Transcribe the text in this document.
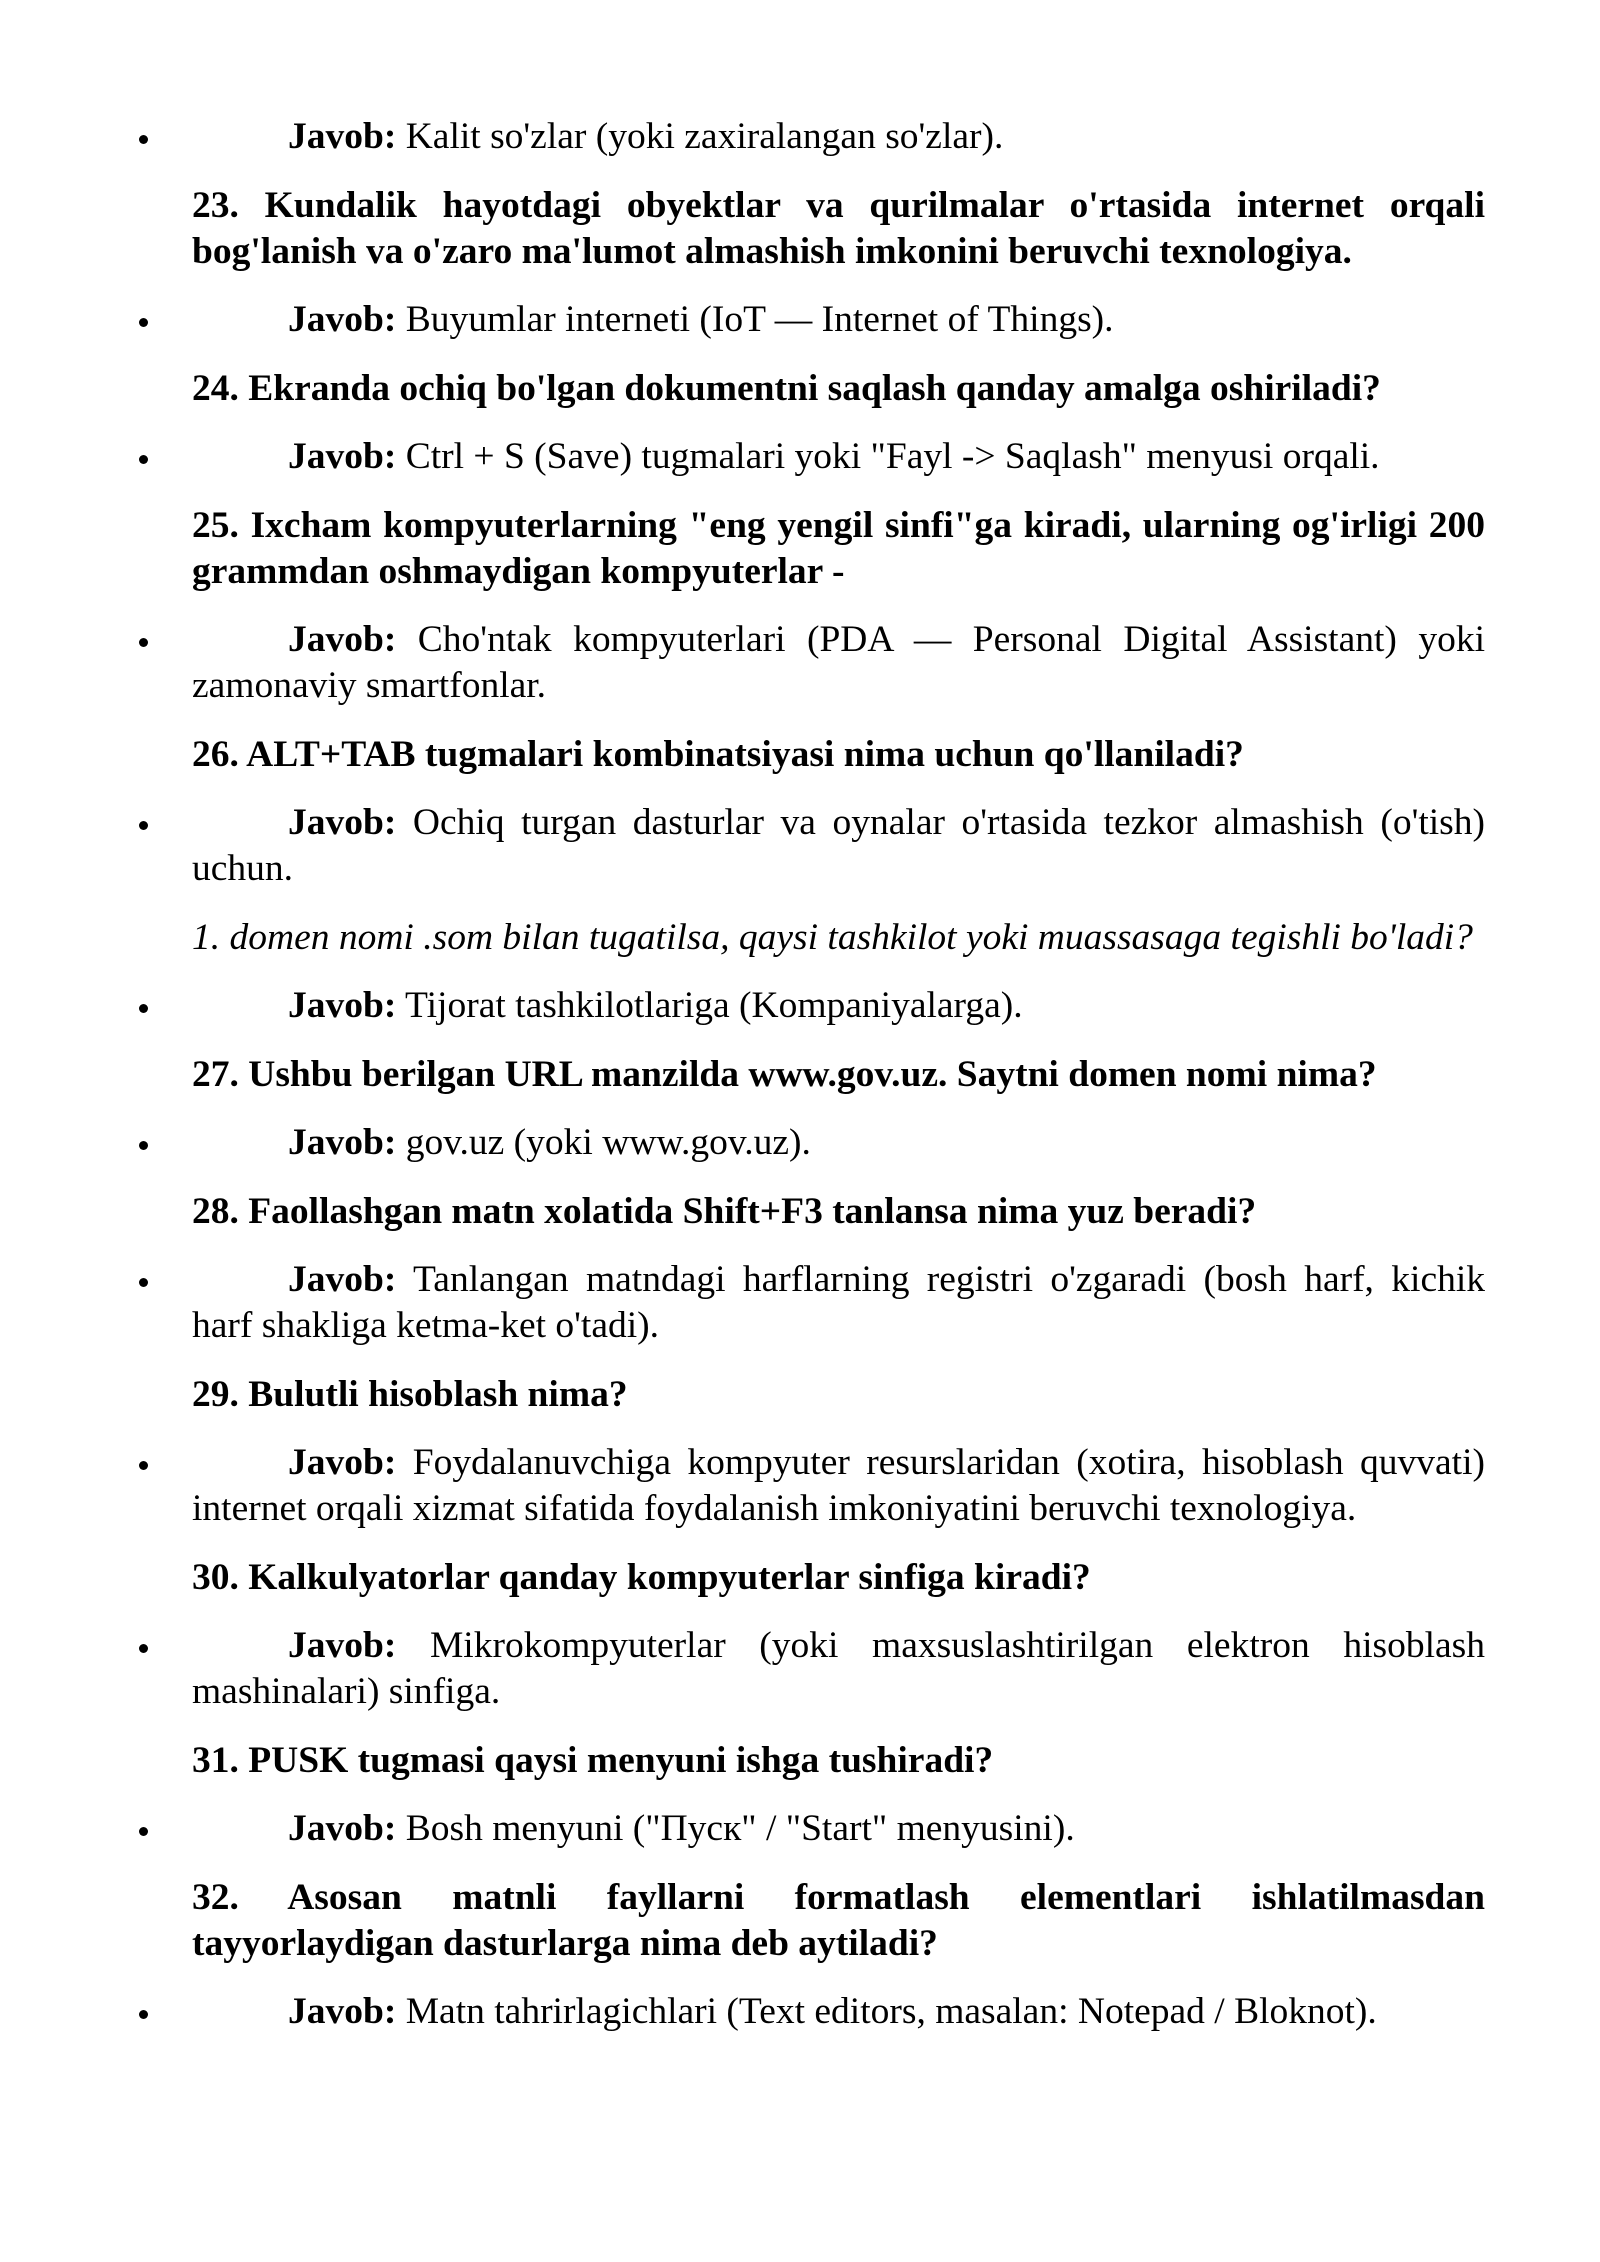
Javob: Kalit so'zlar (yoki zaxiralangan so'zlar).
23. Kundalik hayotdagi obyektlar va qurilmalar o'rtasida internet orqali
bog'lanish va o'zaro ma'lumot almashish imkonini beruvchi texnologiya.
Javob: Buyumlar interneti (IoT — Internet of Things).
24. Ekranda ochiq bo'lgan dokumentni saqlash qanday amalga oshiriladi?
Javob: Ctrl + S (Save) tugmalari yoki "Fayl -> Saqlash" menyusi orqali.
25. Ixcham kompyuterlarning "eng yengil sinfi"ga kiradi, ularning og'irligi 200
grammdan oshmaydigan kompyuterlar -
Javob: Cho'ntak kompyuterlari (PDA — Personal Digital Assistant) yoki
zamonaviy smartfonlar.
26. ALT+TAB tugmalari kombinatsiyasi nima uchun qo'llaniladi?
Javob: Ochiq turgan dasturlar va oynalar o'rtasida tezkor almashish (o'tish)
uchun.
1. domen nomi .som bilan tugatilsa, qaysi tashkilot yoki muassasaga tegishli bo'ladi?
Javob: Tijorat tashkilotlariga (Kompaniyalarga).
27. Ushbu berilgan URL manzilda www.gov.uz. Saytni domen nomi nima?
Javob: gov.uz (yoki www.gov.uz).
28. Faollashgan matn xolatida Shift+F3 tanlansa nima yuz beradi?
Javob: Tanlangan matndagi harflarning registri o'zgaradi (bosh harf, kichik
harf shakliga ketma-ket o'tadi).
29. Bulutli hisoblash nima?
Javob: Foydalanuvchiga kompyuter resurslaridan (xotira, hisoblash quvvati)
internet orqali xizmat sifatida foydalanish imkoniyatini beruvchi texnologiya.
30. Kalkulyatorlar qanday kompyuterlar sinfiga kiradi?
Javob: Mikrokompyuterlar (yoki maxsuslashtirilgan elektron hisoblash
mashinalari) sinfiga.
31. PUSK tugmasi qaysi menyuni ishga tushiradi?
Javob: Bosh menyuni ("Пуск" / "Start" menyusini).
32. Asosan matnli fayllarni formatlash elementlari ishlatilmasdan
tayyorlaydigan dasturlarga nima deb aytiladi?
Javob: Matn tahrirlagichlari (Text editors, masalan: Notepad / Bloknot).
